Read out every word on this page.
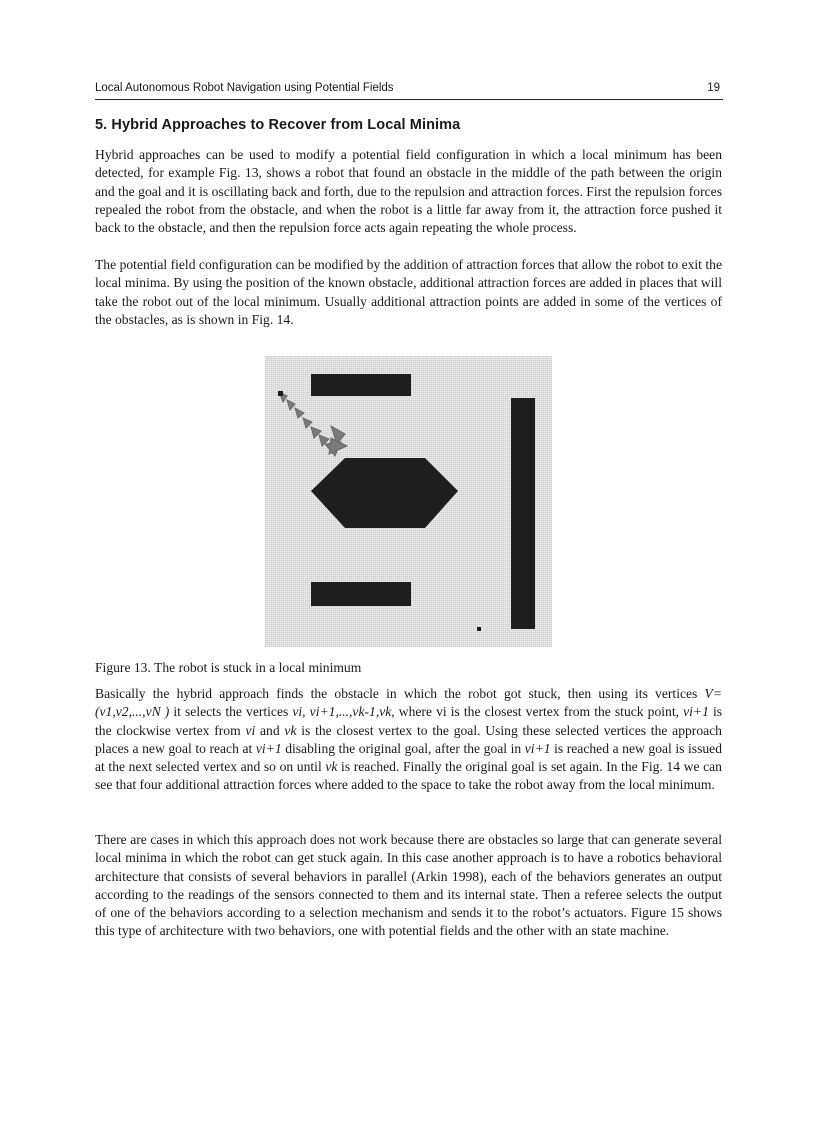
Local Autonomous Robot Navigation using Potential Fields	19
5. Hybrid Approaches to Recover from Local Minima

Hybrid approaches can be used to modify a potential field configuration in which a local minimum has been detected, for example Fig. 13, shows a robot that found an obstacle in the middle of the path between the origin and the goal and it is oscillating back and forth, due to the repulsion and attraction forces. First the repulsion forces repealed the robot from the obstacle, and when the robot is a little far away from it, the attraction force pushed it back to the obstacle, and then the repulsion force acts again repeating the whole process.

The potential field configuration can be modified by the addition of attraction forces that allow the robot to exit the local minima. By using the position of the known obstacle, additional attraction forces are added in places that will take the robot out of the local minimum. Usually additional attraction points are added in some of the vertices of the obstacles, as is shown in Fig. 14.

Figure 13. The robot is stuck in a local minimum

Basically the hybrid approach finds the obstacle in which the robot got stuck, then using its vertices V=(v1,v2,...,vN ) it selects the vertices vi, vi+1,...,vk-1,vk, where vi is the closest vertex from the stuck point, vi+1 is the clockwise vertex from vi and vk is the closest vertex to the goal. Using these selected vertices the approach places a new goal to reach at vi+1 disabling the original goal, after the goal in vi+1 is reached a new goal is issued at the next selected vertex and so on until vk is reached. Finally the original goal is set again. In the Fig. 14 we can see that four additional attraction forces where added to the space to take the robot away from the local minimum.

There are cases in which this approach does not work because there are obstacles so large that can generate several local minima in which the robot can get stuck again. In this case another approach is to have a robotics behavioral architecture that consists of several behaviors in parallel (Arkin 1998), each of the behaviors generates an output according to the readings of the sensors connected to them and its internal state. Then a referee selects the output of one of the behaviors according to a selection mechanism and sends it to the robot’s actuators. Figure 15 shows this type of architecture with two behaviors, one with potential fields and the other with an state machine.
